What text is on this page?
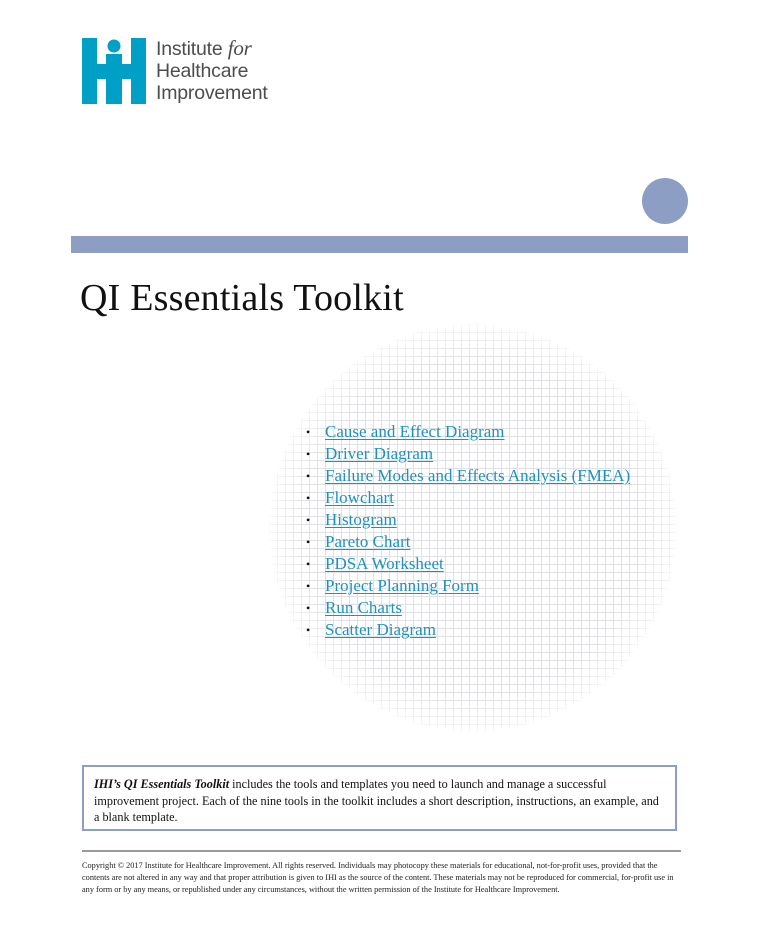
Institute for
Healthcare
Improvement
QI Essentials Toolkit
• Cause and Effect Diagram
• Driver Diagram
• Failure Modes and Effects Analysis (FMEA)
• Flowchart
• Histogram
• Pareto Chart
• PDSA Worksheet
• Project Planning Form
• Run Charts
• Scatter Diagram
IHI’s QI Essentials Toolkit includes the tools and templates you need to launch and manage a successful improvement project. Each of the nine tools in the toolkit includes a short description, instructions, an example, and a blank template.
Copyright © 2017 Institute for Healthcare Improvement. All rights reserved. Individuals may photocopy these materials for educational, not-for-profit uses, provided that the contents are not altered in any way and that proper attribution is given to IHI as the source of the content. These materials may not be reproduced for commercial, for-profit use in any form or by any means, or republished under any circumstances, without the written permission of the Institute for Healthcare Improvement.
